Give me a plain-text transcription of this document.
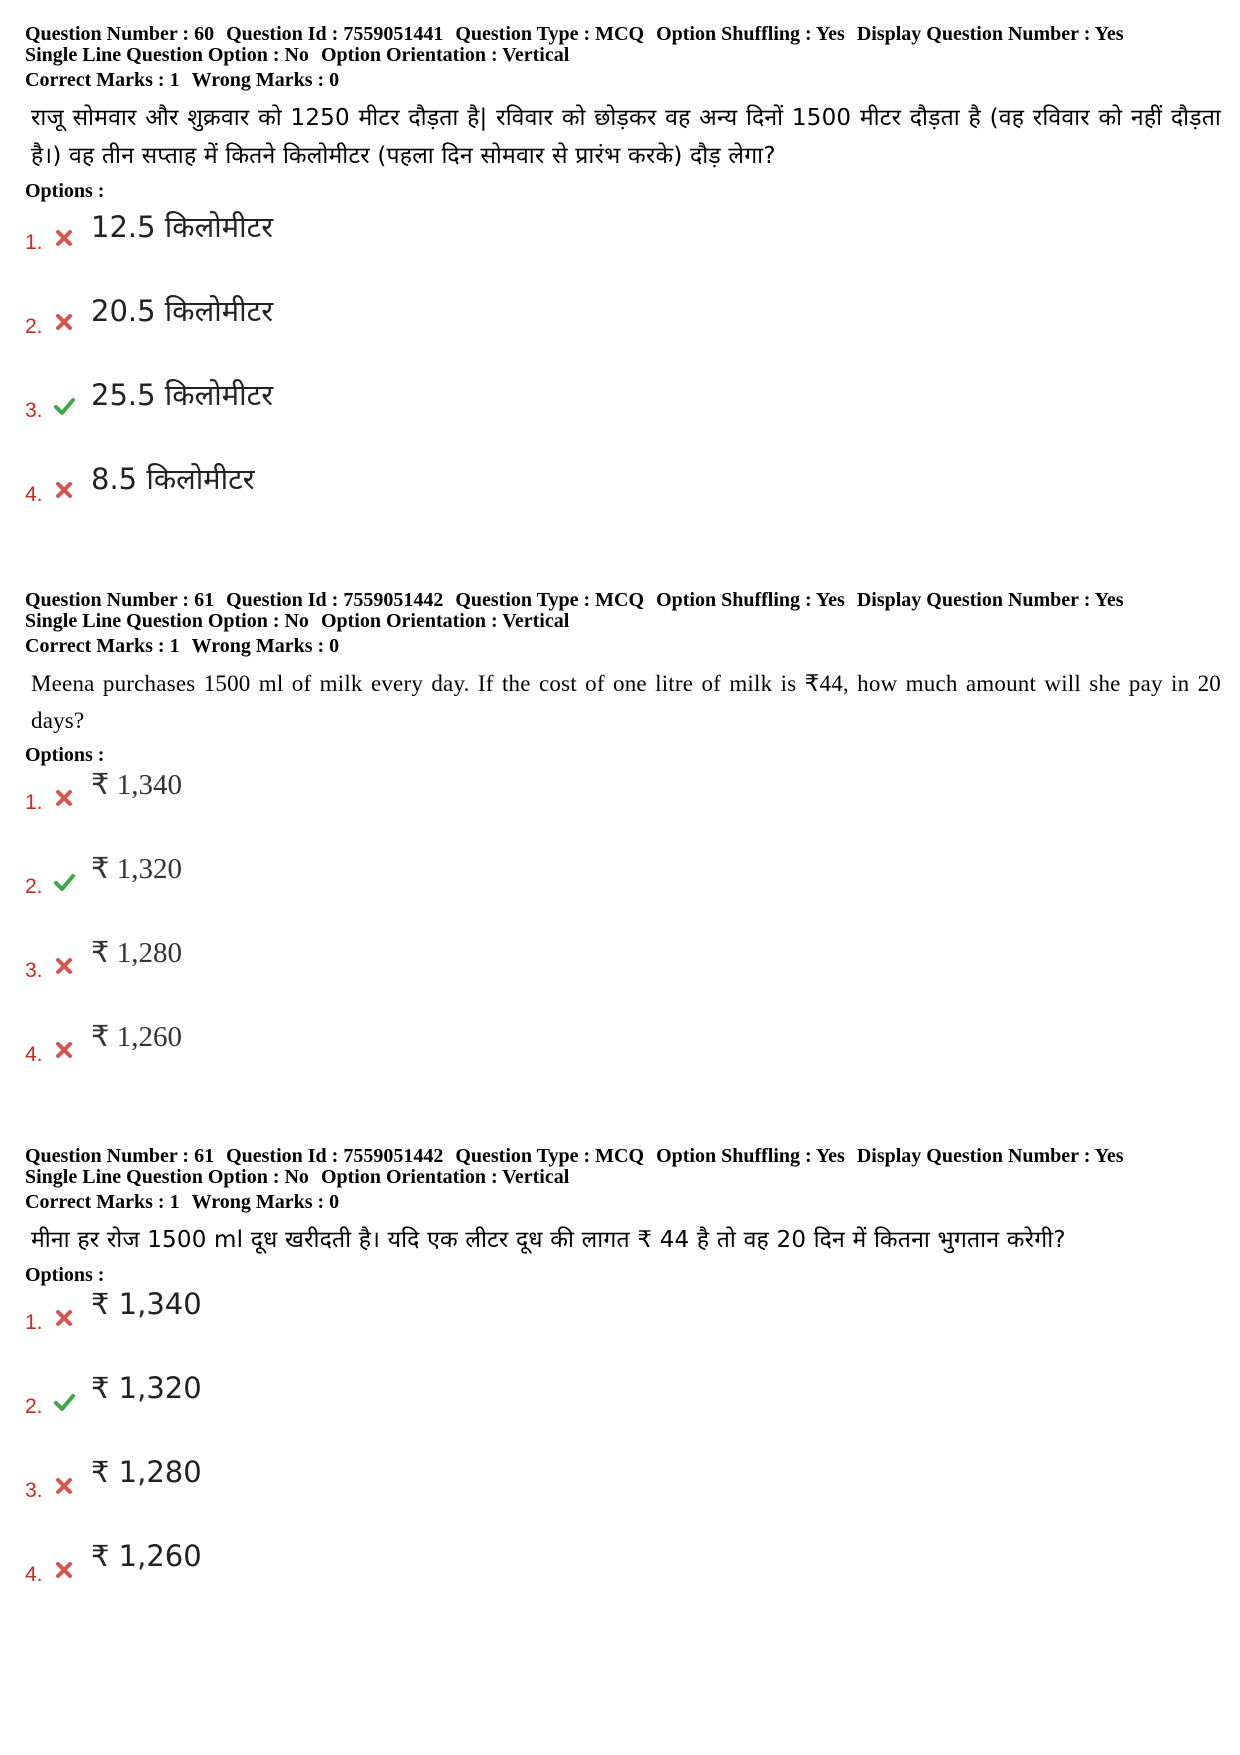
Question Number : 60 Question Id : 7559051441 Question Type : MCQ Option Shuffling : Yes Display Question Number : Yes
Single Line Question Option : No Option Orientation : Vertical
Correct Marks : 1 Wrong Marks : 0
राजू सोमवार और शुक्रवार को 1250 मीटर दौड़ता है| रविवार को छोड़कर वह अन्य दिनों 1500 मीटर दौड़ता है (वह रविवार को नहीं दौड़ता है।) वह तीन सप्ताह में कितने किलोमीटर (पहला दिन सोमवार से प्रारंभ करके) दौड़ लेगा?
Options :
1. 12.5 किलोमीटर
2. 20.5 किलोमीटर
3. 25.5 किलोमीटर
4. 8.5 किलोमीटर
Question Number : 61 Question Id : 7559051442 Question Type : MCQ Option Shuffling : Yes Display Question Number : Yes
Single Line Question Option : No Option Orientation : Vertical
Correct Marks : 1 Wrong Marks : 0
Meena purchases 1500 ml of milk every day. If the cost of one litre of milk is ₹44, how much amount will she pay in 20 days?
Options :
1.
₹ 1,340
2.
₹ 1,320
3.
₹ 1,280
4.
₹ 1,260
Question Number : 61 Question Id : 7559051442 Question Type : MCQ Option Shuffling : Yes Display Question Number : Yes
Single Line Question Option : No Option Orientation : Vertical
Correct Marks : 1 Wrong Marks : 0
मीना हर रोज 1500 ml दूध खरीदती है। यदि एक लीटर दूध की लागत ₹ 44 है तो वह 20 दिन में कितना भुगतान करेगी?
Options :
1.
₹ 1,340
2.
₹ 1,320
3.
₹ 1,280
4.
₹ 1,260
